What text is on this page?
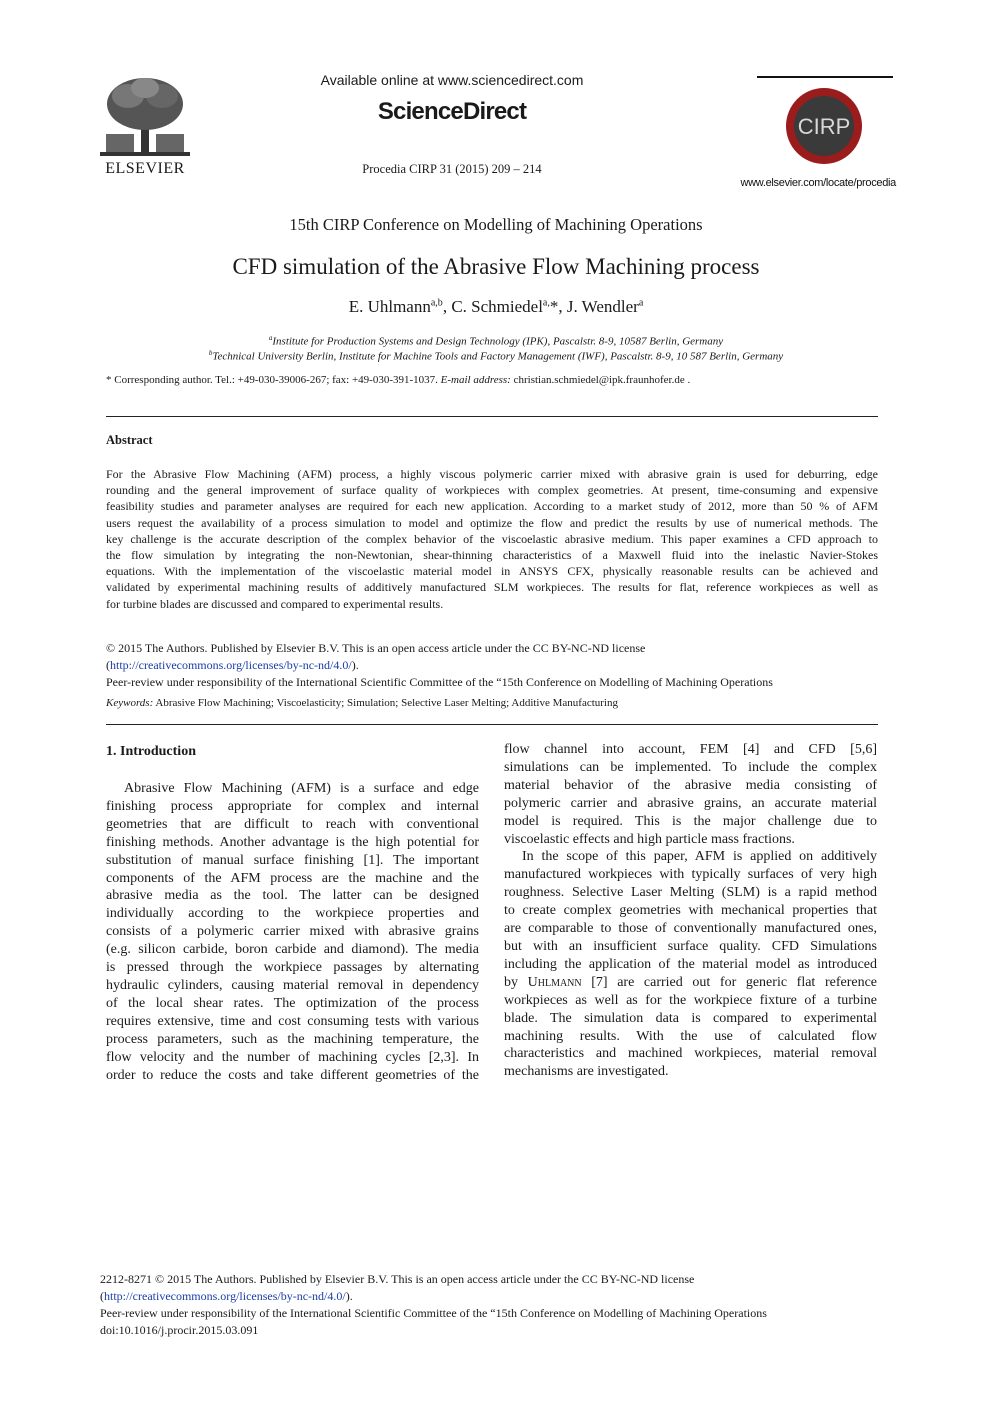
ELSEVIER
Available online at www.sciencedirect.com
ScienceDirect
Procedia CIRP 31 (2015) 209 – 214
CIRP
www.elsevier.com/locate/procedia
15th CIRP Conference on Modelling of Machining Operations
CFD simulation of the Abrasive Flow Machining process
E. Uhlmann$^{a,b}$, C. Schmiedel$^{a,}$*, J. Wendler$^a$
$^a$Institute for Production Systems and Design Technology (IPK), Pascalstr. 8-9, 10587 Berlin, Germany
$^b$Technical University Berlin, Institute for Machine Tools and Factory Management (IWF), Pascalstr. 8-9, 10 587 Berlin, Germany
* Corresponding author. Tel.: +49-030-39006-267; fax: +49-030-391-1037. E-mail address: christian.schmiedel@ipk.fraunhofer.de .
Abstract
For the Abrasive Flow Machining (AFM) process, a highly viscous polymeric carrier mixed with abrasive grain is used for deburring, edge
rounding and the general improvement of surface quality of workpieces with complex geometries. At present, time-consuming and expensive
feasibility studies and parameter analyses are required for each new application. According to a market study of 2012, more than 50 % of AFM
users request the availability of a process simulation to model and optimize the flow and predict the results by use of numerical methods. The
key challenge is the accurate description of the complex behavior of the viscoelastic abrasive medium. This paper examines a CFD approach to
the flow simulation by integrating the non-Newtonian, shear-thinning characteristics of a Maxwell fluid into the inelastic Navier-Stokes
equations. With the implementation of the viscoelastic material model in ANSYS CFX, physically reasonable results can be achieved and
validated by experimental machining results of additively manufactured SLM workpieces. The results for flat, reference workpieces as well as
for turbine blades are discussed and compared to experimental results.
© 2015 The Authors. Published by Elsevier B.V. This is an open access article under the CC BY-NC-ND license
(http://creativecommons.org/licenses/by-nc-nd/4.0/).
Peer-review under responsibility of the International Scientific Committee of the “15th Conference on Modelling of Machining Operations
Keywords: Abrasive Flow Machining; Viscoelasticity; Simulation; Selective Laser Melting; Additive Manufacturing
1. Introduction
Abrasive Flow Machining (AFM) is a surface and edge
finishing process appropriate for complex and internal
geometries that are difficult to reach with conventional
finishing methods. Another advantage is the high potential for
substitution of manual surface finishing [1]. The important
components of the AFM process are the machine and the
abrasive media as the tool. The latter can be designed
individually according to the workpiece properties and
consists of a polymeric carrier mixed with abrasive grains
(e.g. silicon carbide, boron carbide and diamond). The media
is pressed through the workpiece passages by alternating
hydraulic cylinders, causing material removal in dependency
of the local shear rates. The optimization of the process
requires extensive, time and cost consuming tests with various
process parameters, such as the machining temperature, the
flow velocity and the number of machining cycles [2,3]. In
order to reduce the costs and take different geometries of the
flow channel into account, FEM [4] and CFD [5,6]
simulations can be implemented. To include the complex
material behavior of the abrasive media consisting of
polymeric carrier and abrasive grains, an accurate material
model is required. This is the major challenge due to
viscoelastic effects and high particle mass fractions.
In the scope of this paper, AFM is applied on additively
manufactured workpieces with typically surfaces of very high
roughness. Selective Laser Melting (SLM) is a rapid method
to create complex geometries with mechanical properties that
are comparable to those of conventionally manufactured ones,
but with an insufficient surface quality. CFD Simulations
including the application of the material model as introduced
by Uhlmann [7] are carried out for generic flat reference
workpieces as well as for the workpiece fixture of a turbine
blade. The simulation data is compared to experimental
machining results. With the use of calculated flow
characteristics and machined workpieces, material removal
mechanisms are investigated.
2212-8271 © 2015 The Authors. Published by Elsevier B.V. This is an open access article under the CC BY-NC-ND license
(http://creativecommons.org/licenses/by-nc-nd/4.0/).
Peer-review under responsibility of the International Scientific Committee of the “15th Conference on Modelling of Machining Operations
doi:10.1016/j.procir.2015.03.091
